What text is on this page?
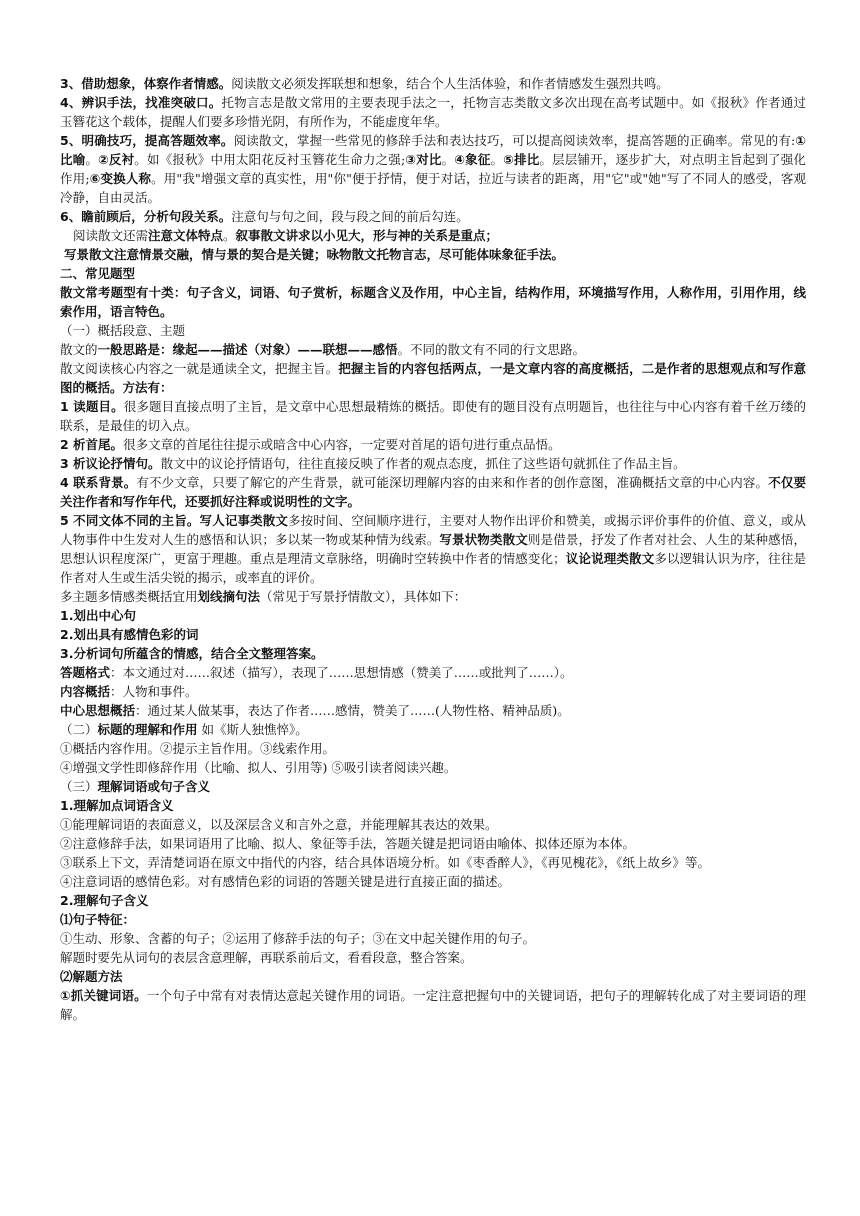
3、借助想象，体察作者情感。阅读散文必须发挥联想和想象，结合个人生活体验，和作者情感发生强烈共鸣。

4、辨识手法，找准突破口。托物言志是散文常用的主要表现手法之一，托物言志类散文多次出现在高考试题中。如《报秋》作者通过玉簪花这个载体，提醒人们要多珍惜光阴，有所作为，不能虚度年华。

5、明确技巧，提高答题效率。阅读散文，掌握一些常见的修辞手法和表达技巧，可以提高阅读效率，提高答题的正确率。常见的有:①比喻。②反衬。如《报秋》中用太阳花反衬玉簪花生命力之强;③对比。④象征。⑤排比。层层铺开，逐步扩大，对点明主旨起到了强化作用;⑥变换人称。用"我"增强文章的真实性，用"你"便于抒情，便于对话，拉近与读者的距离，用"它"或"她"写了不同人的感受，客观冷静，自由灵活。

6、瞻前顾后，分析句段关系。注意句与句之间，段与段之间的前后勾连。

阅读散文还需注意文体特点。叙事散文讲求以小见大，形与神的关系是重点；

写景散文注意情景交融，情与景的契合是关键；咏物散文托物言志，尽可能体味象征手法。

二、常见题型

散文常考题型有十类：句子含义，词语、句子赏析，标题含义及作用，中心主旨，结构作用，环境描写作用，人称作用，引用作用，线索作用，语言特色。

（一）概括段意、主题

散文的一般思路是：缘起——描述（对象）——联想——感悟。不同的散文有不同的行文思路。

散文阅读核心内容之一就是通读全文，把握主旨。把握主旨的内容包括两点，一是文章内容的高度概括，二是作者的思想观点和写作意图的概括。方法有：

1 读题目。很多题目直接点明了主旨，是文章中心思想最精炼的概括。即使有的题目没有点明题旨，也往往与中心内容有着千丝万缕的联系，是最佳的切入点。

2 析首尾。很多文章的首尾往往提示或暗含中心内容，一定要对首尾的语句进行重点品悟。

3 析议论抒情句。散文中的议论抒情语句，往往直接反映了作者的观点态度，抓住了这些语句就抓住了作品主旨。

4 联系背景。有不少文章，只要了解它的产生背景，就可能深切理解内容的由来和作者的创作意图，准确概括文章的中心内容。不仅要关注作者和写作年代，还要抓好注释或说明性的文字。

5 不同文体不同的主旨。写人记事类散文多按时间、空间顺序进行，主要对人物作出评价和赞美，或揭示评价事件的价值、意义，或从人物事件中生发对人生的感悟和认识；多以某一物或某种情为线索。写景状物类散文则是借景，抒发了作者对社会、人生的某种感悟，思想认识程度深广，更富于理趣。重点是理清文章脉络，明确时空转换中作者的情感变化；议论说理类散文多以逻辑认识为序，往往是作者对人生或生活尖锐的揭示，或率直的评价。

多主题多情感类概括宜用划线摘句法（常见于写景抒情散文），具体如下：

1.划出中心句

2.划出具有感情色彩的词

3.分析词句所蕴含的情感，结合全文整理答案。

答题格式：本文通过对……叙述（描写），表现了……思想情感（赞美了……或批判了……）。

内容概括：人物和事件。

中心思想概括：通过某人做某事，表达了作者……感情，赞美了……(人物性格、精神品质)。

（二）标题的理解和作用 如《斯人独憔悴》。

①概括内容作用。②提示主旨作用。③线索作用。

④增强文学性即修辞作用（比喻、拟人、引用等) ⑤吸引读者阅读兴趣。

（三）理解词语或句子含义

1.理解加点词语含义

①能理解词语的表面意义，以及深层含义和言外之意，并能理解其表达的效果。

②注意修辞手法，如果词语用了比喻、拟人、象征等手法，答题关键是把词语由喻体、拟体还原为本体。

③联系上下文，弄清楚词语在原文中指代的内容，结合具体语境分析。如《枣香醉人》，《再见槐花》，《纸上故乡》等。

④注意词语的感情色彩。对有感情色彩的词语的答题关键是进行直接正面的描述。

2.理解句子含义

⑴句子特征：

①生动、形象、含蓄的句子；②运用了修辞手法的句子；③在文中起关键作用的句子。

解题时要先从词句的表层含意理解，再联系前后文，看看段意，整合答案。

⑵解题方法

①抓关键词语。一个句子中常有对表情达意起关键作用的词语。一定注意把握句中的关键词语，把句子的理解转化成了对主要词语的理解。
